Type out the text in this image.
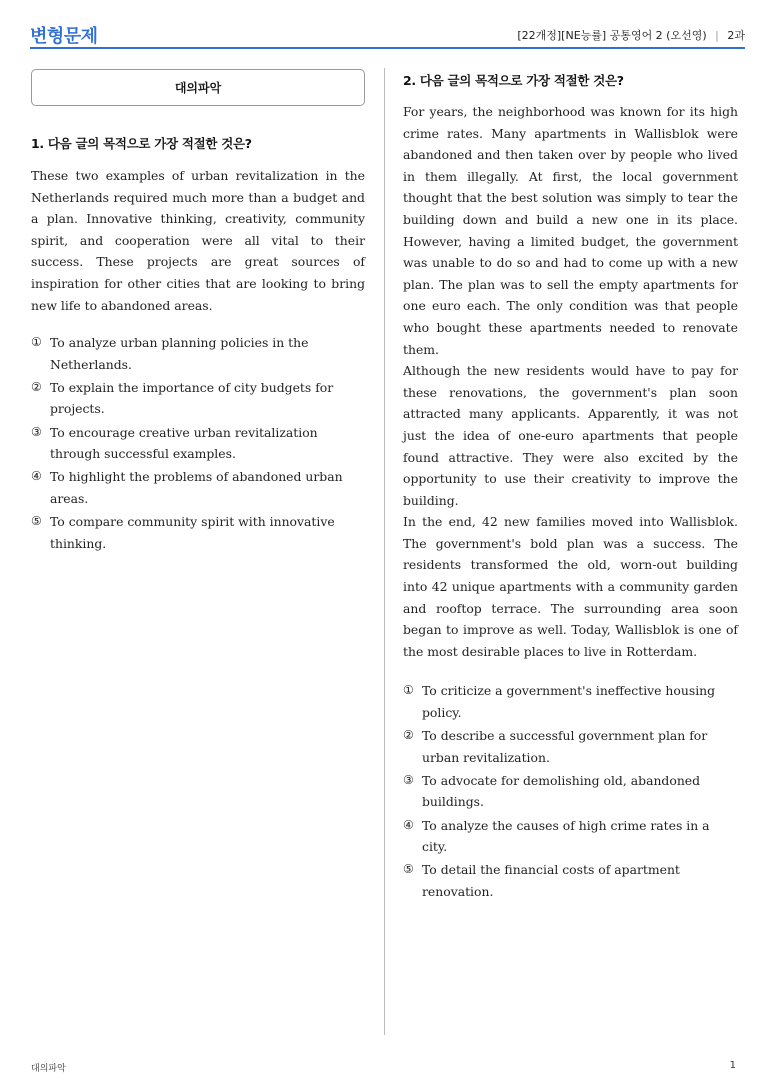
변형문제	[22개정][NE능률] 공통영어 2 (오선영) | 2과
대의파악
1. 다음 글의 목적으로 가장 적절한 것은?

These two examples of urban revitalization in the Netherlands required much more than a budget and a plan. Innovative thinking, creativity, community spirit, and cooperation were all vital to their success. These projects are great sources of inspiration for other cities that are looking to bring new life to abandoned areas.

① To analyze urban planning policies in the Netherlands.
② To explain the importance of city budgets for projects.
③ To encourage creative urban revitalization through successful examples.
④ To highlight the problems of abandoned urban areas.
⑤ To compare community spirit with innovative thinking.
2. 다음 글의 목적으로 가장 적절한 것은?

For years, the neighborhood was known for its high crime rates. Many apartments in Wallisblok were abandoned and then taken over by people who lived in them illegally. At first, the local government thought that the best solution was simply to tear the building down and build a new one in its place. However, having a limited budget, the government was unable to do so and had to come up with a new plan. The plan was to sell the empty apartments for one euro each. The only condition was that people who bought these apartments needed to renovate them.

Although the new residents would have to pay for these renovations, the government's plan soon attracted many applicants. Apparently, it was not just the idea of one-euro apartments that people found attractive. They were also excited by the opportunity to use their creativity to improve the building.

In the end, 42 new families moved into Wallisblok. The government's bold plan was a success. The residents transformed the old, worn-out building into 42 unique apartments with a community garden and rooftop terrace. The surrounding area soon began to improve as well. Today, Wallisblok is one of the most desirable places to live in Rotterdam.

① To criticize a government's ineffective housing policy.
② To describe a successful government plan for urban revitalization.
③ To advocate for demolishing old, abandoned buildings.
④ To analyze the causes of high crime rates in a city.
⑤ To detail the financial costs of apartment renovation.
대의파악	1
